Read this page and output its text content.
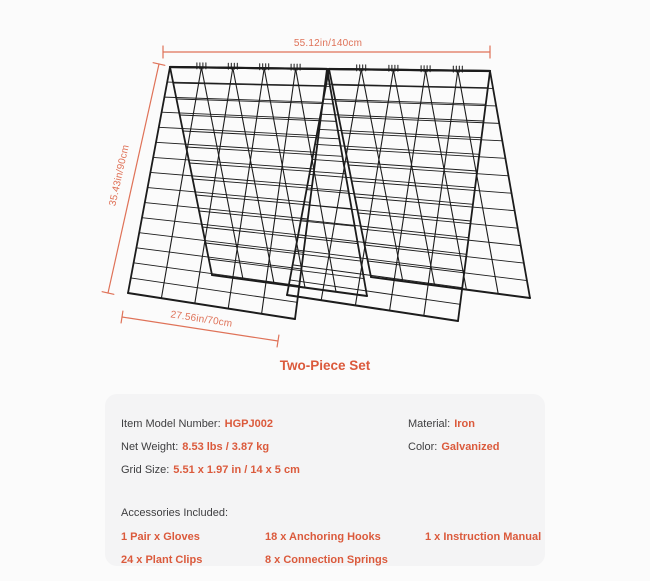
55.12in/140cm
35.43in/90cm
27.56in/70cm
Two-Piece Set
Item Model Number: HGPJ002
Net Weight: 8.53 lbs / 3.87 kg
Grid Size: 5.51 x 1.97 in / 14 x 5 cm
Material: Iron
Color: Galvanized
Accessories Included:
1 Pair x Gloves	18 x Anchoring Hooks	1 x Instruction Manual
24 x Plant Clips	8 x Connection Springs
